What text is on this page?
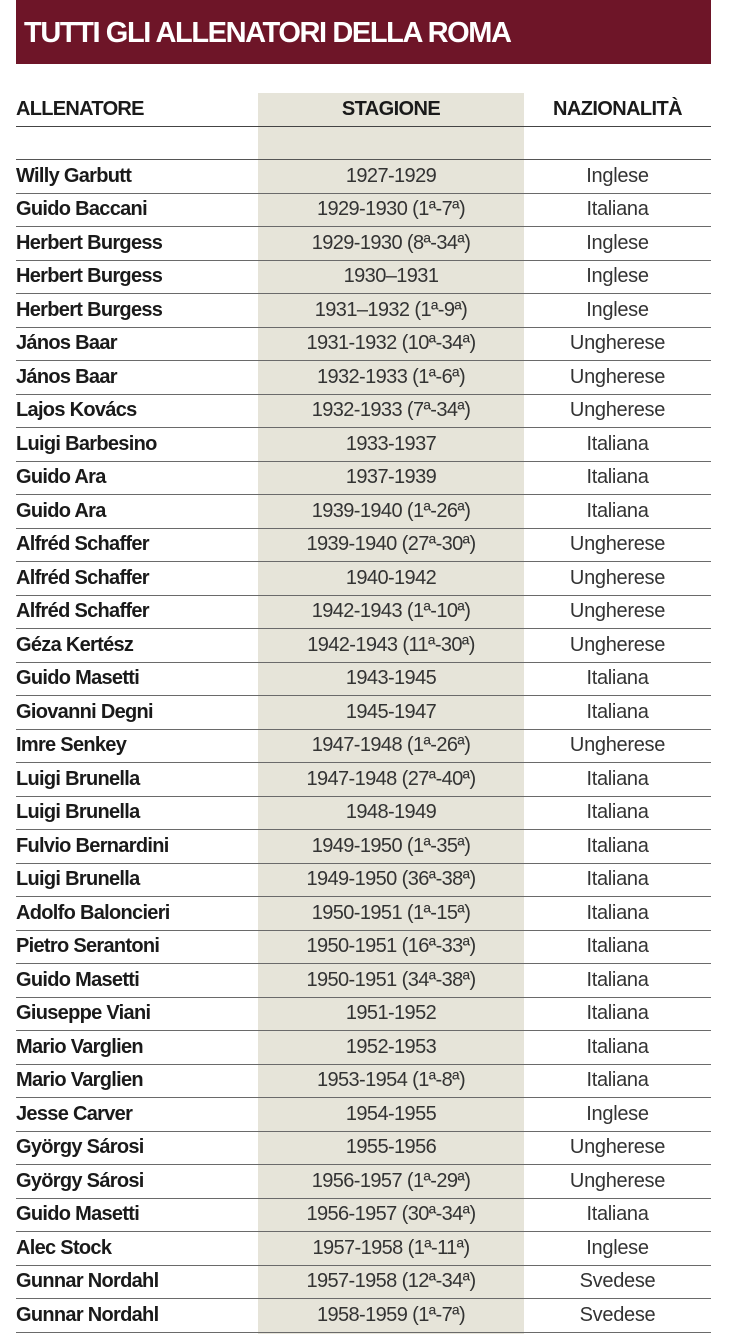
TUTTI GLI ALLENATORI DELLA ROMA
ALLENATORE	STAGIONE	NAZIONALITÀ
Willy Garbutt	1927-1929	Inglese
Guido Baccani	1929-1930 (1ª-7ª)	Italiana
Herbert Burgess	1929-1930 (8ª-34ª)	Inglese
Herbert Burgess	1930–1931	Inglese
Herbert Burgess	1931–1932 (1ª-9ª)	Inglese
János Baar	1931-1932 (10ª-34ª)	Ungherese
János Baar	1932-1933 (1ª-6ª)	Ungherese
Lajos Kovács	1932-1933 (7ª-34ª)	Ungherese
Luigi Barbesino	1933-1937	Italiana
Guido Ara	1937-1939	Italiana
Guido Ara	1939-1940 (1ª-26ª)	Italiana
Alfréd Schaffer	1939-1940 (27ª-30ª)	Ungherese
Alfréd Schaffer	1940-1942	Ungherese
Alfréd Schaffer	1942-1943 (1ª-10ª)	Ungherese
Géza Kertész	1942-1943 (11ª-30ª)	Ungherese
Guido Masetti	1943-1945	Italiana
Giovanni Degni	1945-1947	Italiana
Imre Senkey	1947-1948 (1ª-26ª)	Ungherese
Luigi Brunella	1947-1948 (27ª-40ª)	Italiana
Luigi Brunella	1948-1949	Italiana
Fulvio Bernardini	1949-1950 (1ª-35ª)	Italiana
Luigi Brunella	1949-1950 (36ª-38ª)	Italiana
Adolfo Baloncieri	1950-1951 (1ª-15ª)	Italiana
Pietro Serantoni	1950-1951 (16ª-33ª)	Italiana
Guido Masetti	1950-1951 (34ª-38ª)	Italiana
Giuseppe Viani	1951-1952	Italiana
Mario Varglien	1952-1953	Italiana
Mario Varglien	1953-1954 (1ª-8ª)	Italiana
Jesse Carver	1954-1955	Inglese
György Sárosi	1955-1956	Ungherese
György Sárosi	1956-1957 (1ª-29ª)	Ungherese
Guido Masetti	1956-1957 (30ª-34ª)	Italiana
Alec Stock	1957-1958 (1ª-11ª)	Inglese
Gunnar Nordahl	1957-1958 (12ª-34ª)	Svedese
Gunnar Nordahl	1958-1959 (1ª-7ª)	Svedese
